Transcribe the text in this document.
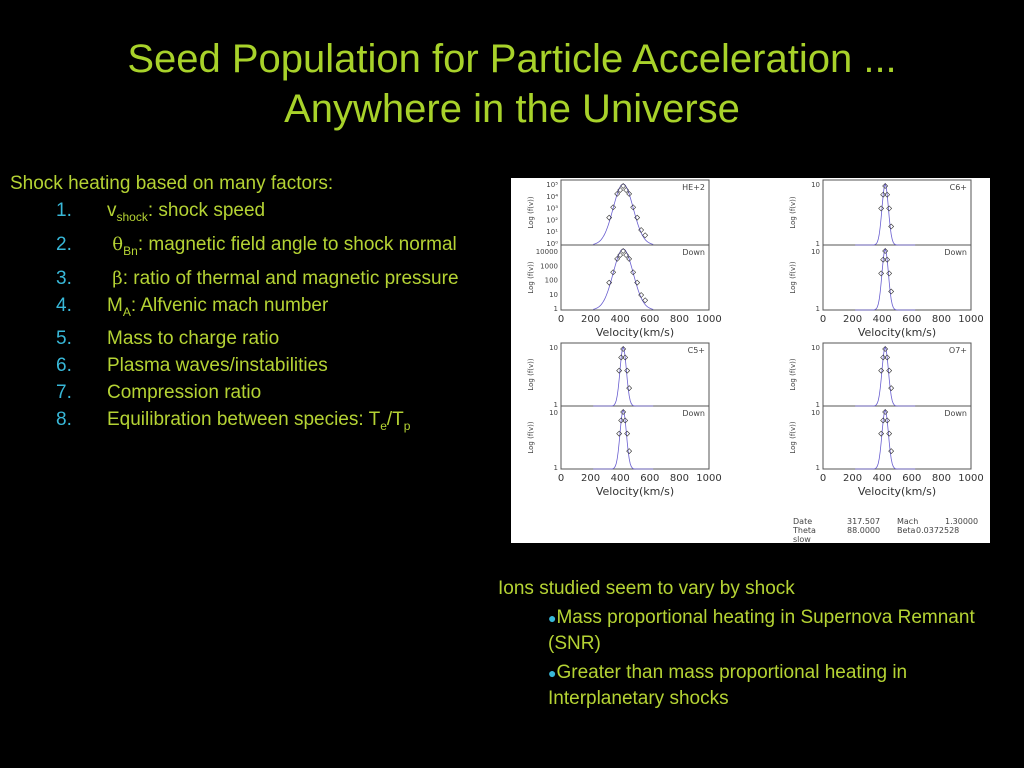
Seed Population for Particle Acceleration ...
Anywhere in the Universe
Shock heating based on many factors:
1. $v_{shock}$: shock speed
2. $\theta_{Bn}$: magnetic field angle to shock normal
3. β: ratio of thermal and magnetic pressure
4. $M_A$: Alfvenic mach number
5. Mass to charge ratio
6. Plasma waves/instabilities
7. Compression ratio
8. Equilibration between species: $T_e/T_p$
HE+2
Down
10⁵
10⁴
10³
10²
10¹
10⁰
10000
1000
100
10
1
Log (f(v))
Log (f(v))
0 200 400 600 800 1000
Velocity(km/s)
C6+
Down
10
1
10
1
Log (f(v))
Log (f(v))
0 200 400 600 800 1000
Velocity(km/s)
C5+
Down
10
1
10
1
Log (f(v))
Log (f(v))
0 200 400 600 800 1000
Velocity(km/s)
O7+
Down
10
1
10
1
Log (f(v))
Log (f(v))
0 200 400 600 800 1000
Velocity(km/s)
Date	317.507 Mach	1.30000
Theta	88.0000 Beta 0.0372528
slow
Ions studied seem to vary by shock
●Mass proportional heating in Supernova Remnant (SNR)
●Greater than mass proportional heating in Interplanetary shocks
